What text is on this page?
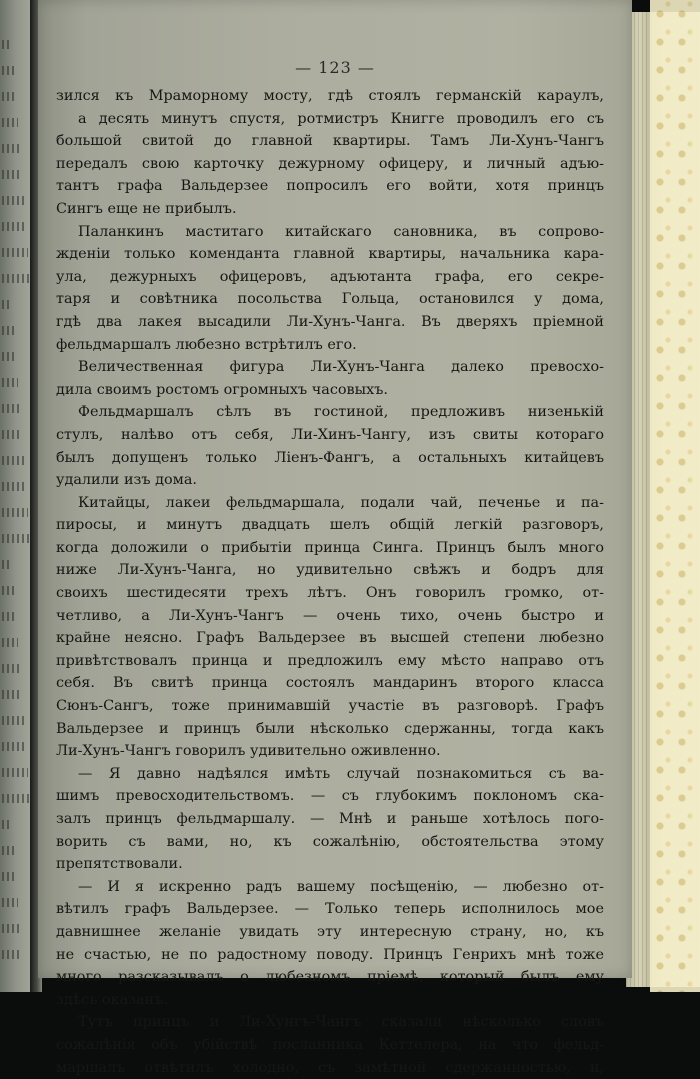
— 123 —
зился къ Мраморному мосту, гдѣ стоялъ германскій караулъ,
а десять минутъ спустя, ротмистръ Книгге проводилъ его съ
большой свитой до главной квартиры. Тамъ Ли-Хунъ-Чангъ
передалъ свою карточку дежурному офицеру, и личный адъю-
тантъ графа Вальдерзее попросилъ его войти, хотя принцъ
Сингъ еще не прибылъ.
Паланкинъ маститаго китайскаго сановника, въ сопрово-
жденіи только коменданта главной квартиры, начальника кара-
ула, дежурныхъ офицеровъ, адъютанта графа, его секре-
таря и совѣтника посольства Гольца, остановился у дома,
гдѣ два лакея высадили Ли-Хунъ-Чанга. Въ дверяхъ пріемной
фельдмаршалъ любезно встрѣтилъ его.
Величественная фигура Ли-Хунъ-Чанга далеко превосхо-
дила своимъ ростомъ огромныхъ часовыхъ.
Фельдмаршалъ сѣлъ въ гостиной, предложивъ низенькій
стулъ, налѣво отъ себя, Ли-Хинъ-Чангу, изъ свиты котораго
былъ допущенъ только Ліенъ-Фангъ, а остальныхъ китайцевъ
удалили изъ дома.
Китайцы, лакеи фельдмаршала, подали чай, печенье и па-
пиросы, и минутъ двадцать шелъ общій легкій разговоръ,
когда доложили о прибытіи принца Синга. Принцъ былъ много
ниже Ли-Хунъ-Чанга, но удивительно свѣжъ и бодръ для
своихъ шестидесяти трехъ лѣтъ. Онъ говорилъ громко, от-
четливо, а Ли-Хунъ-Чангъ — очень тихо, очень быстро и
крайне неясно. Графъ Вальдерзее въ высшей степени любезно
привѣтствовалъ принца и предложилъ ему мѣсто направо отъ
себя. Въ свитѣ принца состоялъ мандаринъ второго класса
Сюнъ-Сангъ, тоже принимавшій участіе въ разговорѣ. Графъ
Вальдерзее и принцъ были нѣсколько сдержанны, тогда какъ
Ли-Хунъ-Чангъ говорилъ удивительно оживленно.
— Я давно надѣялся имѣть случай познакомиться съ ва-
шимъ превосходительствомъ. — съ глубокимъ поклономъ ска-
залъ принцъ фельдмаршалу. — Мнѣ и раньше хотѣлось пого-
ворить съ вами, но, къ сожалѣнію, обстоятельства этому
препятствовали.
— И я искренно радъ вашему посѣщенію, — любезно от-
вѣтилъ графъ Вальдерзее. — Только теперь исполнилось мое
давнишнее желаніе увидать эту интересную страну, но, къ
не счастью, не по радостному поводу. Принцъ Генрихъ мнѣ тоже
много разсказывалъ о любезномъ пріемѣ, который былъ ему
здѣсь оказанъ.
Тутъ принцъ и Ли-Хунгъ-Чангъ сказали нѣсколько словъ
сожалѣнія объ убійствѣ посланника Кеттелера, на что фельд-
маршалъ отвѣтилъ холодно, съ замѣтной сдержанностью, и,
